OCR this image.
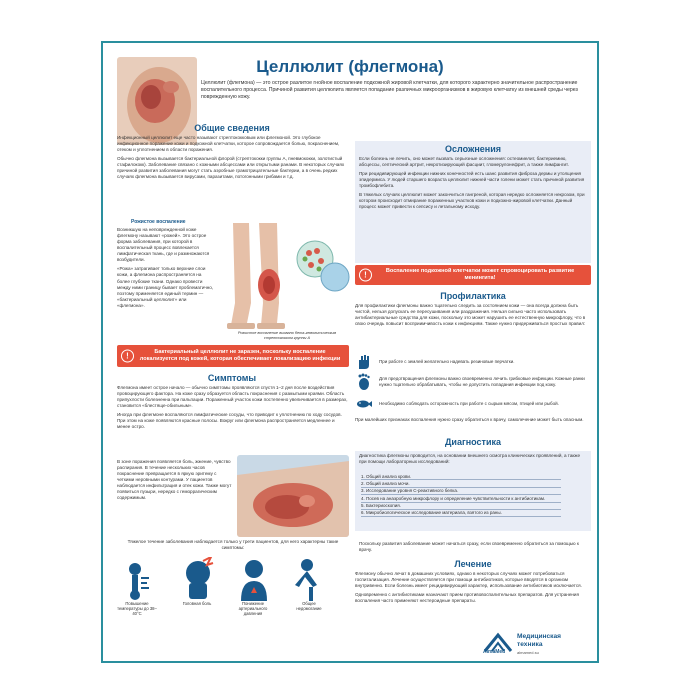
Целлюлит (флегмона)
Целлюлит (флегмона) — это острое разлитое гнойное воспаление подкожной жировой клетчатки, для которого характерно значительное распространение воспалительного процесса. Причиной развития целлюлита является попадание различных микроорганизмов в жировую клетчатку из внешней среды через поврежденную кожу.
Общие сведения

Инфекционный целлюлит еще часто называют стрептококковым или флегмоной. Это глубокое инфекционное поражение кожи и подкожной клетчатки, которое сопровождается болью, покраснением, отеком и уплотнением в области поражения.

Обычно флегмона вызывается бактериальной флорой (стрептококки группы А, пневмококки, золотистый стафилококк). Заболевание связано с кожными абсцессами или открытыми ранами. В некоторых случаях причиной развития заболевания могут стать аэробные грамотрицательные бактерии, а в очень редких случаях флегмона вызывается вирусами, паразитами, потогонными грибами и т.д.

Рожистое воспаление

Возникшую на неповрежденной коже флегмону называют «рожей». Это острое форма заболевания, при которой в воспалительный процесс вовлекается лимфатическая ткань, где и размножаются возбудители.

«Рожа» затрагивает только верхние слои кожи, а флегмона распространяется на более глубокие ткани. Однако провести между ними границу бывает проблематично, поэтому применяется единый термин — «бактериальный целлюлит» или «флегмона».

Рожистое воспаление вызвано бета-гемолитическим стрептококком группы А
!	Бактериальный целлюлит не заразен, поскольку воспаление локализуется под кожей, которая обеспечивает локализацию инфекции
Симптомы

Флегмона имеет острое начало — обычно симптомы проявляются спустя 1–2 дня после воздействия провоцирующего фактора. На коже сразу образуется область покраснения с размытыми краями. Область припухлости болезненна при пальпации. Пораженный участок кожи постепенно увеличивается в размерах, становится «блестяще-обильным».

Иногда при флегмоне воспаляются лимфатические сосуды, что приводит к уплотнению по ходу сосудов. При этом на коже появляются красные полосы. Вокруг или флегмона распространяется медленнее и менее остро.

В зоне поражения появляется боль, жжение, чувство распирания. В течение нескольких часов покраснение превращается в яркую эритему с четкими неровными контурами. У пациентов наблюдается инфильтрация и отек кожи. Также могут появиться пузыри, нередко с геморрагическим содержимым.

Тяжелое течение заболевания наблюдается только у трети пациентов, для него характерны такие симптомы:
Повышение температуры до 38–40°С
Головная боль	Понижение артериального давления
Общее недомогание
Осложнения

Если болезнь не лечить, оно может вызвать серьезные осложнения: остеомиелит, бактериемию, абсцессы, септический артрит, некротизирующий фасциит, гломерулонефрит, а также лимфангит.

При рецидивирующей инфекции нижних конечностей есть шанс развития фиброза дермы и утолщения эпидермиса. У людей старшего возраста целлюлит нижней части голени может стать причиной развития тромбофлебита.

В тяжелых случаях целлюлит может закончиться гангреной, которая нередко осложняется некрозом, при котором происходит отмирание пораженных участков кожи и подкожно-жировой клетчатки. Данный процесс может привести к сепсису и летальному исходу.

!	Воспаление подкожной клетчатки может спровоцировать развитие менингита!
Профилактика
Для профилактики флегмоны важно тщательно следить за состоянием кожи — она всегда должна быть чистой, нельзя допускать ее пересушивания или раздражения. Нельзя сильно часто использовать антибактериальные средства для кожи, поскольку это может нарушить ее естественную микрофлору, что в свою очередь повысит восприимчивость кожи к инфекциям. Также нужно придерживаться простых правил:
При работе с землей желательно надевать резиновые перчатки.
Для предотвращения флегмоны важно своевременно лечить грибковые инфекции. Кожные ранки нужно тщательно обрабатывать, чтобы не допустить попадания инфекции под кожу.
Необходимо соблюдать осторожность при работе с сырым мясом, птицей или рыбой.
При малейших признаках воспаления нужно сразу обратиться к врачу, самолечение может быть опасным.
Диагностика
Диагностика флегмоны проводится, на основании внешнего осмотра клинических проявлений, а также при помощи лабораторных исследований:
1. Общий анализ крови.
2. Общий анализ мочи.
3. Исследование уровня С-реактивного белка.
4. Посев на анаэробную микрофлору и определение чувствительности к антибиотикам.
5. Бактериоскопия.
6. Микробиологическое исследование материала, взятого из раны.
Поскольку развития заболевание может начаться сразу, если своевременно обратиться за помощью к врачу.
Лечение

Флегмону обычно лечат в домашних условиях, однако в некоторых случаях может потребоваться госпитализация. Лечение осуществляется при помощи антибиотиков, которые вводятся в организм внутривенно. Если болезнь имеет рецидивирующий характер, использование антибиотиков исключается.

Одновременно с антибиотиками назначают прием противовоспалительных препаратов. Для устранения воспаления часто применяют нестероидные препараты.

AlmaMed
Медицинская
техника
almamed.su
